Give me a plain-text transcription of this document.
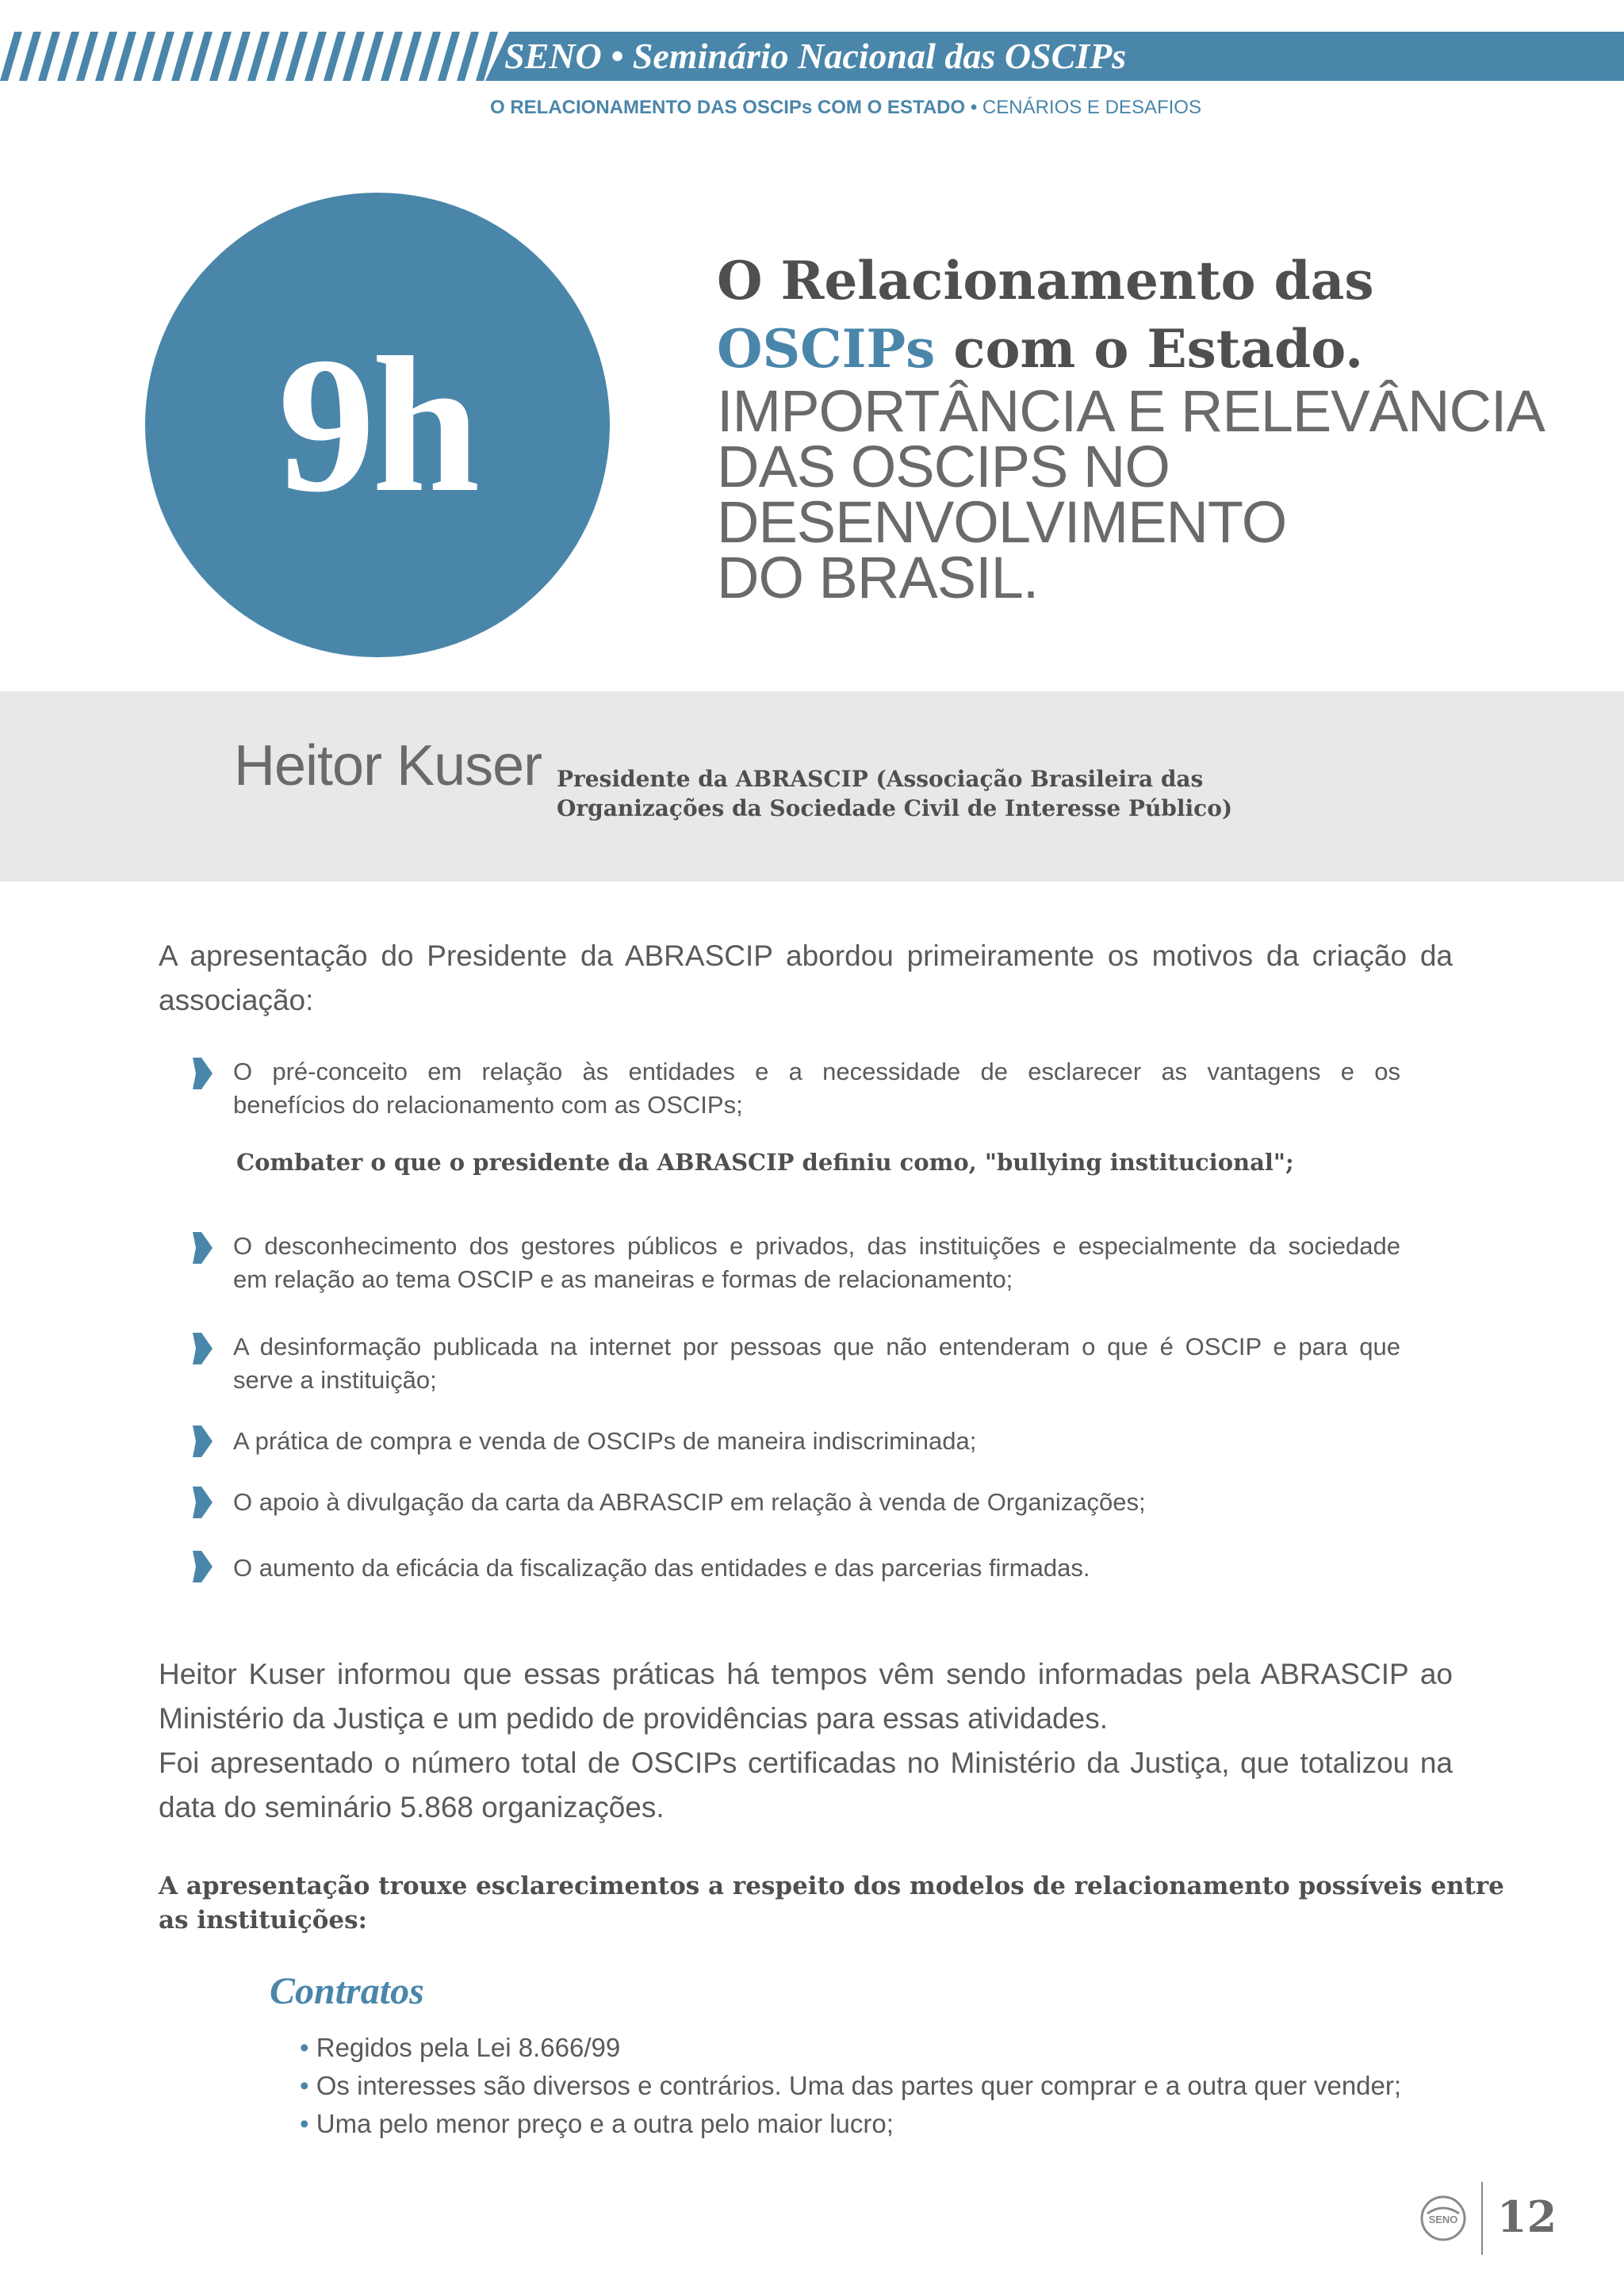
SENO • Seminário Nacional das OSCIPs
O RELACIONAMENTO DAS OSCIPs COM O ESTADO • CENÁRIOS E DESAFIOS
9h
O Relacionamento das
OSCIPs com o Estado.
IMPORTÂNCIA E RELEVÂNCIA
DAS OSCIPS NO
DESENVOLVIMENTO
DO BRASIL.
Heitor Kuser Presidente da ABRASCIP (Associação Brasileira das
Organizações da Sociedade Civil de Interesse Público)
A apresentação do Presidente da ABRASCIP abordou primeiramente os motivos da criação da
associação:
O pré-conceito em relação às entidades e a necessidade de esclarecer as vantagens e os
benefícios do relacionamento com as OSCIPs;
Combater o que o presidente da ABRASCIP definiu como, "bullying institucional";
O desconhecimento dos gestores públicos e privados, das instituições e especialmente da sociedade
em relação ao tema OSCIP e as maneiras e formas de relacionamento;
A desinformação publicada na internet por pessoas que não entenderam o que é OSCIP e para que
serve a instituição;
A prática de compra e venda de OSCIPs de maneira indiscriminada;
O apoio à divulgação da carta da ABRASCIP em relação à venda de Organizações;
O aumento da eficácia da fiscalização das entidades e das parcerias firmadas.
Heitor Kuser informou que essas práticas há tempos vêm sendo informadas pela ABRASCIP ao
Ministério da Justiça e um pedido de providências para essas atividades.
Foi apresentado o número total de OSCIPs certificadas no Ministério da Justiça, que totalizou na
data do seminário 5.868 organizações.
A apresentação trouxe esclarecimentos a respeito dos modelos de relacionamento possíveis entre
as instituições:
Contratos
• Regidos pela Lei 8.666/99
• Os interesses são diversos e contrários. Uma das partes quer comprar e a outra quer vender;
• Uma pelo menor preço e a outra pelo maior lucro;
SENO 12
